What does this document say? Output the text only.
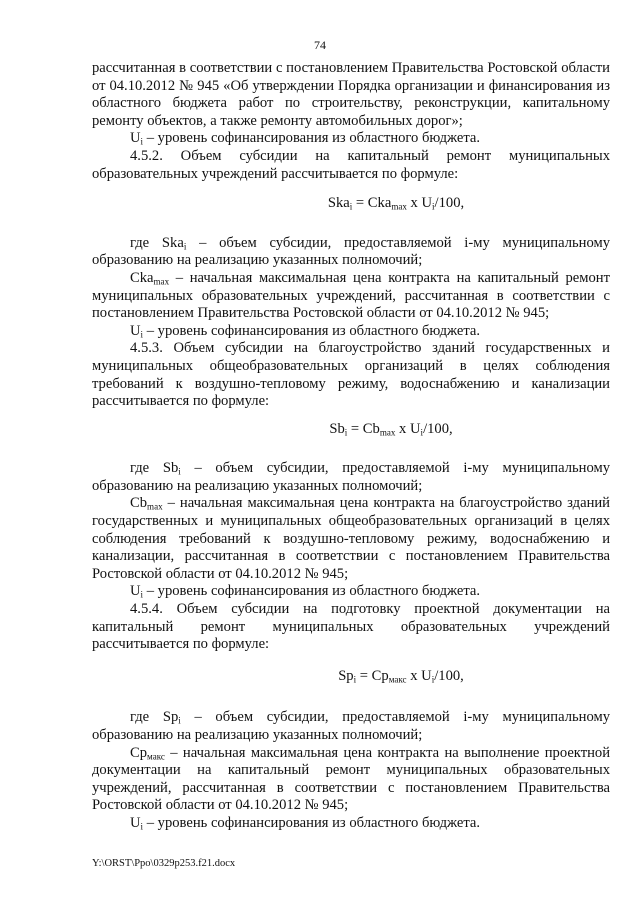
74

рассчитанная в соответствии с постановлением Правительства Ростовской области от 04.10.2012 № 945 «Об утверждении Порядка организации и финансирования из областного бюджета работ по строительству, реконструкции, капитальному ремонту объектов, а также ремонту автомобильных дорог»;

$U_i$ – уровень софинансирования из областного бюджета.

4.5.2. Объем субсидии на капитальный ремонт муниципальных образовательных учреждений рассчитывается по формуле:

Ska$_i$ = Cka$_{max}$ x $U_i/100$,

где Ska$_i$ – объем субсидии, предоставляемой i-му муниципальному образованию на реализацию указанных полномочий;

Cka$_{max}$ – начальная максимальная цена контракта на капитальный ремонт муниципальных образовательных учреждений, рассчитанная в соответствии с постановлением Правительства Ростовской области от 04.10.2012 № 945;

$U_i$ – уровень софинансирования из областного бюджета.

4.5.3. Объем субсидии на благоустройство зданий государственных и муниципальных общеобразовательных организаций в целях соблюдения требований к воздушно-тепловому режиму, водоснабжению и канализации рассчитывается по формуле:

$Sb_i = Cb_{max}$ x $U_i/100$,

где $Sb_i$ – объем субсидии, предоставляемой i-му муниципальному образованию на реализацию указанных полномочий;

$Cb_{max}$ – начальная максимальная цена контракта на благоустройство зданий государственных и муниципальных общеобразовательных организаций в целях соблюдения требований к воздушно-тепловому режиму, водоснабжению и канализации, рассчитанная в соответствии с постановлением Правительства Ростовской области от 04.10.2012 № 945;

$U_i$ – уровень софинансирования из областного бюджета.

4.5.4. Объем субсидии на подготовку проектной документации на капитальный ремонт муниципальных образовательных учреждений рассчитывается по формуле:

$Sp_i = Cp_{макс}$ x $U_i/100$,

где $Sp_i$ – объем субсидии, предоставляемой i-му муниципальному образованию на реализацию указанных полномочий;

$Cp_{макс}$ – начальная максимальная цена контракта на выполнение проектной документации на капитальный ремонт муниципальных образовательных учреждений, рассчитанная в соответствии с постановлением Правительства Ростовской области от 04.10.2012 № 945;

$U_i$ – уровень софинансирования из областного бюджета.

Y:\ORST\Ppo\0329p253.f21.docx
